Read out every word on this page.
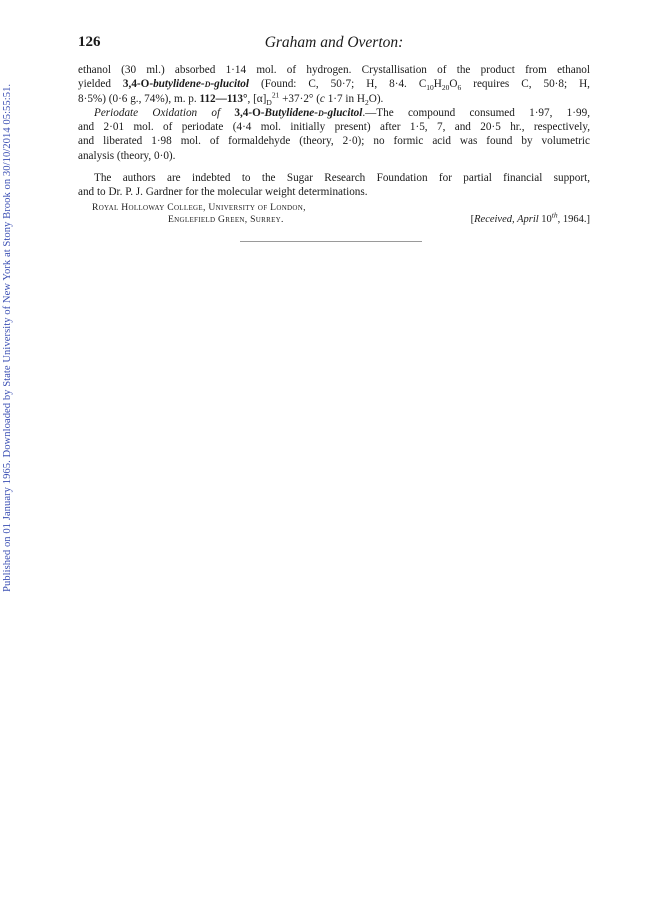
Published on 01 January 1965. Downloaded by State University of New York at Stony Brook on 30/10/2014 05:55:51.
126	Graham and Overton:

ethanol (30 ml.) absorbed 1·14 mol. of hydrogen. Crystallisation of the product from ethanol
yielded 3,4-O-butylidene-d-glucitol (Found: C, 50·7; H, 8·4. $C_{10}H_{20}O_6$ requires C, 50·8; H,
8·5%) (0·6 g., 74%), m. p. 112—113°, $[\alpha]_D^{21} +37\cdot 2^\circ$ (c 1·7 in $H_2O$).

Periodate Oxidation of 3,4-O-Butylidene-d-glucitol.—The compound consumed 1·97, 1·99,
and 2·01 mol. of periodate (4·4 mol. initially present) after 1·5, 7, and 20·5 hr., respectively,
and liberated 1·98 mol. of formaldehyde (theory, 2·0); no formic acid was found by volumetric
analysis (theory, 0·0).

The authors are indebted to the Sugar Research Foundation for partial financial support,
and to Dr. P. J. Gardner for the molecular weight determinations.

Royal Holloway College, University of London,
Englefield Green, Surrey.	[Received, April 10th, 1964.]
